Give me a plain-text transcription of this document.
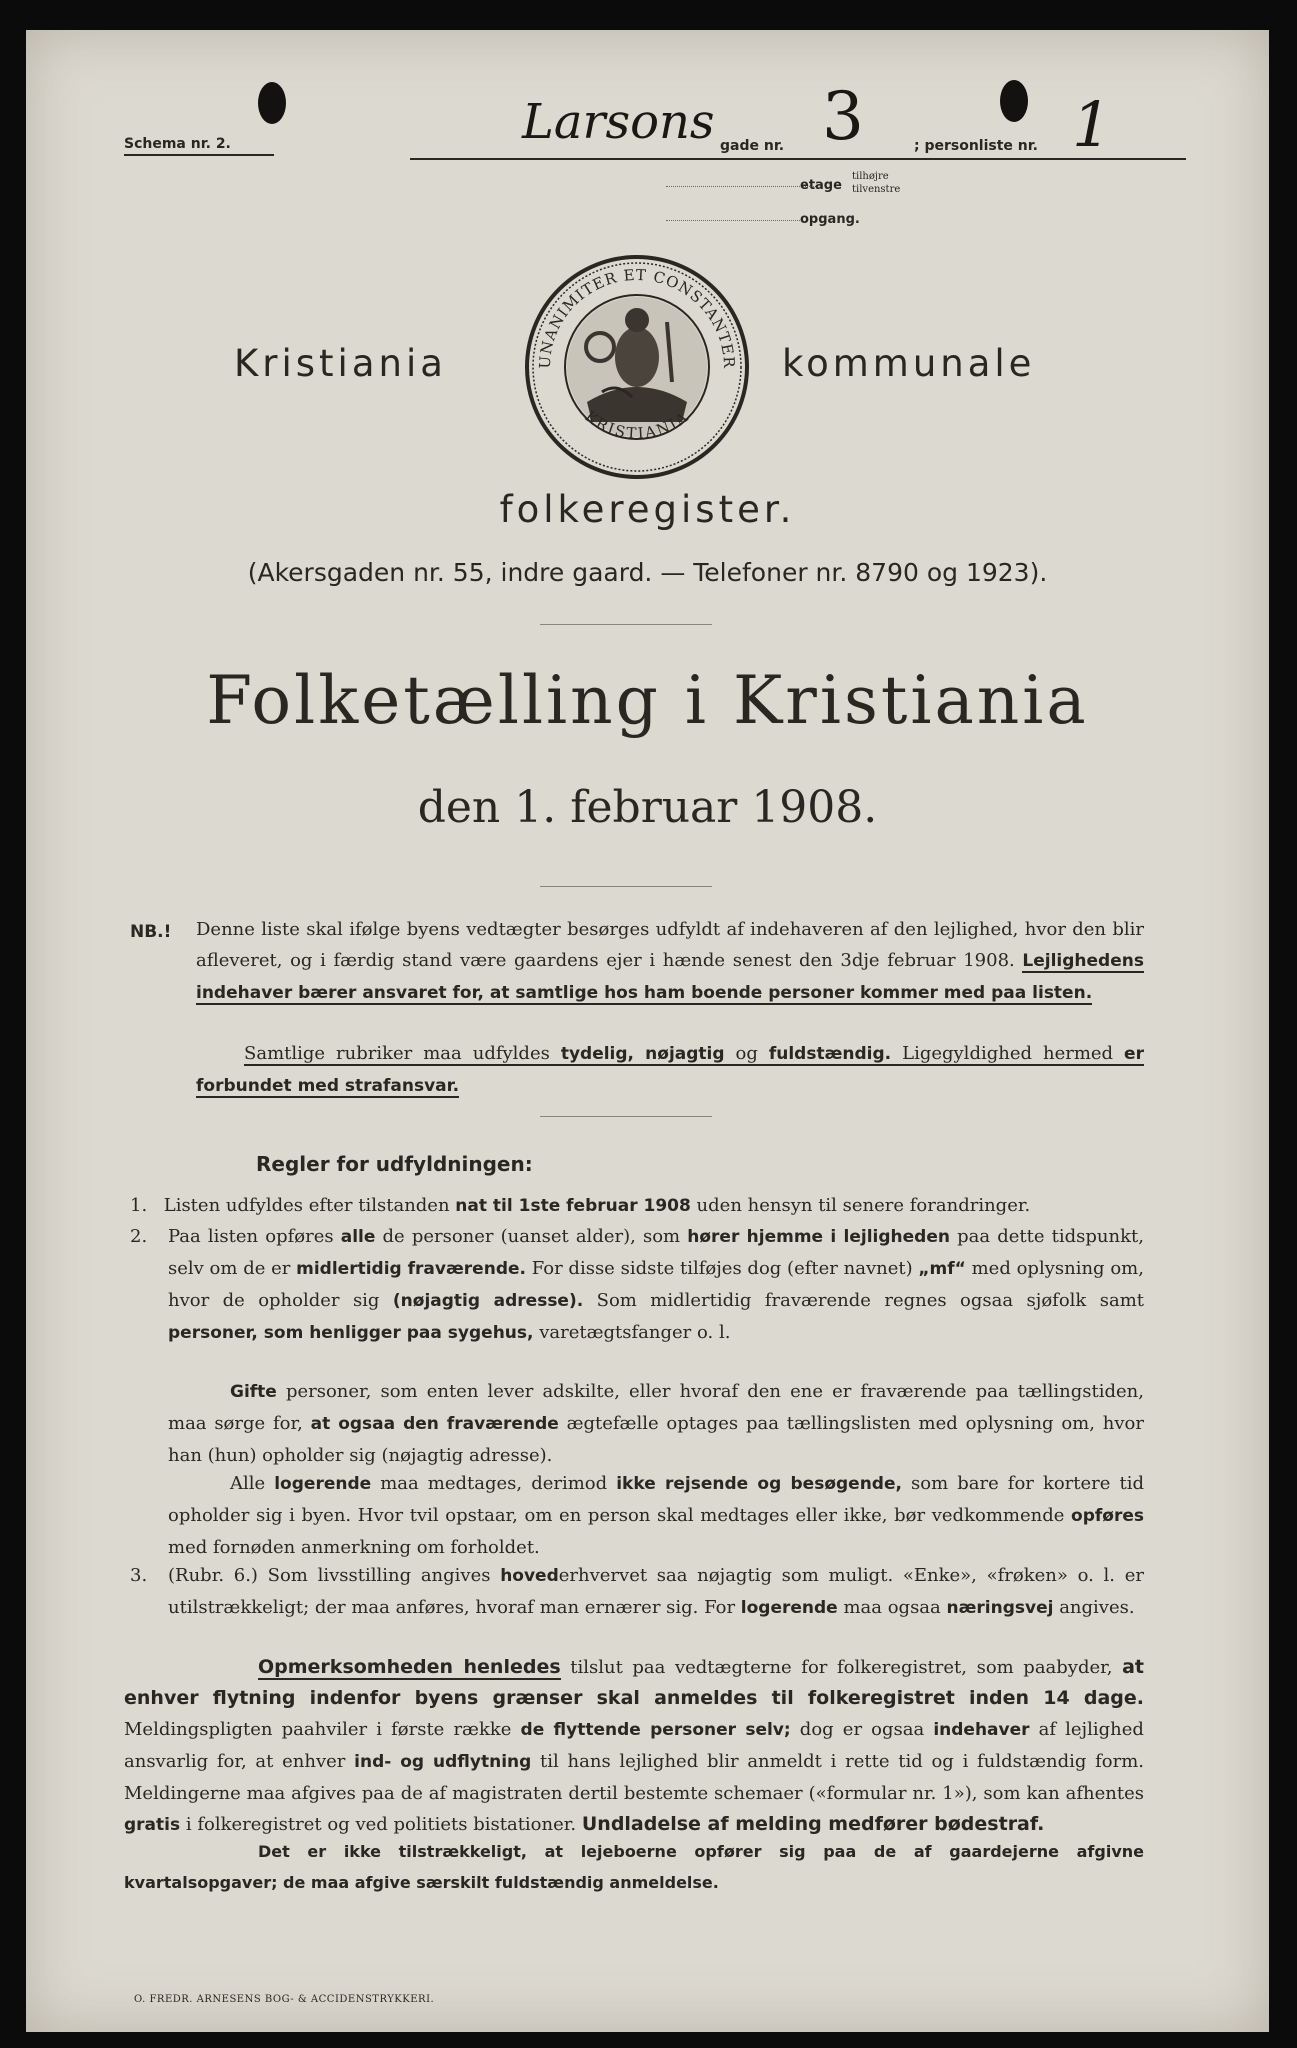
Schema nr. 2.	Larsons gade nr. 3	; personliste nr. 1
etage
tilhøjre
tilvenstre
opgang.
Kristiania	kommunale
UNANIMITER ET CONSTANTER
KRISTIANIA
folkeregister.
(Akersgaden nr. 55, indre gaard. — Telefoner nr. 8790 og 1923).
Folketælling i Kristiania
den 1. februar 1908.
NB.! Denne liste skal ifølge byens vedtægter besørges udfyldt af indehaveren af den lejlighed, hvor den blir afleveret, og i færdig stand være gaardens ejer i hænde senest den 3dje februar 1908. Lejlighedens indehaver bærer ansvaret for, at samtlige hos ham boende personer kommer med paa listen.
Samtlige rubriker maa udfyldes tydelig, nøjagtig og fuldstændig. Ligegyldighed hermed er forbundet med strafansvar.
Regler for udfyldningen:
1. Listen udfyldes efter tilstanden nat til 1ste februar 1908 uden hensyn til senere forandringer.
2. Paa listen opføres alle de personer (uanset alder), som hører hjemme i lejligheden paa dette tidspunkt, selv om de er midlertidig fraværende. For disse sidste tilføjes dog (efter navnet) „mf“ med oplysning om, hvor de opholder sig (nøjagtig adresse). Som midlertidig fraværende regnes ogsaa sjøfolk samt personer, som henligger paa sygehus, varetægtsfanger o. l.
Gifte personer, som enten lever adskilte, eller hvoraf den ene er fraværende paa tællingstiden, maa sørge for, at ogsaa den fraværende ægtefælle optages paa tællingslisten med oplysning om, hvor han (hun) opholder sig (nøjagtig adresse).
Alle logerende maa medtages, derimod ikke rejsende og besøgende, som bare for kortere tid opholder sig i byen. Hvor tvil opstaar, om en person skal medtages eller ikke, bør vedkommende opføres med fornøden anmerkning om forholdet.
3. (Rubr. 6.) Som livsstilling angives hovederhvervet saa nøjagtig som muligt. «Enke», «frøken» o. l. er utilstrækkeligt; der maa anføres, hvoraf man ernærer sig. For logerende maa ogsaa næringsvej angives.
Opmerksomheden henledes tilslut paa vedtægterne for folkeregistret, som paabyder, at enhver flytning indenfor byens grænser skal anmeldes til folkeregistret inden 14 dage. Meldingspligten paahviler i første række de flyttende personer selv; dog er ogsaa indehaver af lejlighed ansvarlig for, at enhver ind- og udflytning til hans lejlighed blir anmeldt i rette tid og i fuldstændig form. Meldingerne maa afgives paa de af magistraten dertil bestemte schemaer («formular nr. 1»), som kan afhentes gratis i folkeregistret og ved politiets bistationer. Undladelse af melding medfører bødestraf.
Det er ikke tilstrækkeligt, at lejeboerne opfører sig paa de af gaardejerne afgivne kvartalsopgaver; de maa afgive særskilt fuldstændig anmeldelse.
O. FREDR. ARNESENS BOG- & ACCIDENSTRYKKERI.
